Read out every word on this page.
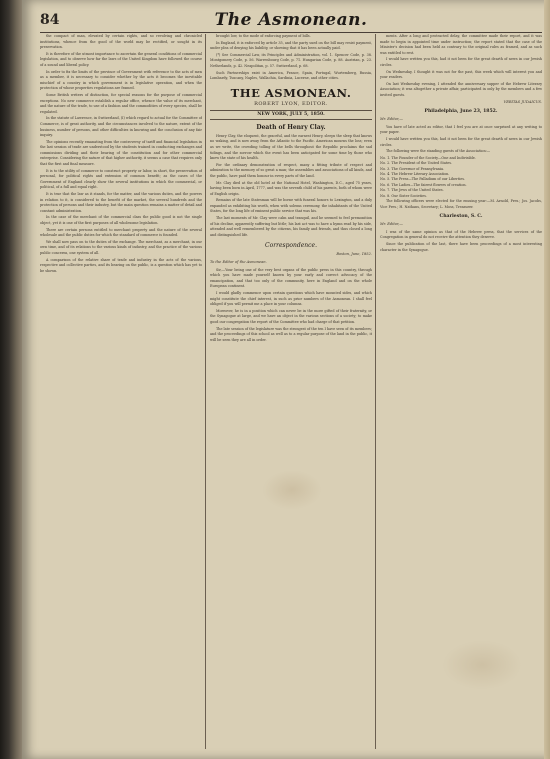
84	The Asmonean.

the compact of man, elevated by certain rights, and so revolving and chronicled institutions, whence from the good of the world may be rectified, or sought in its preservation.

It is therefore of the utmost importance to ascertain the general conditions of commercial legislation, and to observe how far the laws of the United Kingdom have followed the course of a sound and liberal policy.

In order to fix the limits of the province of Government with reference to the acts of men as a member, it is necessary to consider whether by the acts it becomes the inevitable mischief of a country in which government is in legislative operation, and when the protection of whose properties regulations are framed.

Some British writers of distinction, for special reasons for the purpose of commercial exceptions. No new commerce establish a regular office, whence the value of its merchant, and the nature of the trade, to use of a fashion and the commodities of every species, shall be regulated.

In the statute of Lawrence, in Switzerland, (I) which regard to actual for the Committee of Commerce, is of great authority, and the circumstances involved to the nature, extent of the business, number of persons, and other difficulties in knowing and the conclusion of any fair inquiry.

The opinions recently emanating from the controversy of tariff and financial legislation in the last session of trade are understood by the students trained in conducting exchanges and commissions dividing and their bearing of the constitution and for other commercial enterprise. Considering the nature of that higher authority, it seems a case that requires only that the first and final measure.

It is to the utility of commerce to construct property or labor, in short, the preservation of personal, for political rights and extension of common benefit; as the cases of the Government of England clearly show the several institutions in which the commercial, or political, of a full and equal right.

It is true that the law as it stands, for the matter, and the various duties, and the powers in relation to it, is considered to the benefit of the market, the several hundreds and the protection of persons and their industry, but the main question remains a matter of detail and constant administration.

In the case of the merchant of the commercial class the public good is not the single object, yet it is one of the first purposes of all wholesome legislation.

There are certain persons entitled to merchant property and the nature of the several wholesale and the public duties for which the standard of commerce is founded.

We shall now pass on to the duties of the exchange. The merchant, as a merchant, in our own time, and of its relations to the various kinds of industry, and the practice of the various public concerns, one system of all.

A comparison of the relative share of trade and industry in the acts of the various, respective and collective parties, and its bearing on the public, is a question which has yet to be shown.

brought low, to the mode of enforcing payment of bills.

In England, it is enforced by article 35, and the party sued on the bill may resist payment, under plea of denying his liability, or showing that it has been actually paid.

(*) See Commercial Law, its Principles and Administration, vol. 1. Spencer Code, p. 38. Montgomery Code, p. 56. Warrenbourg Code, p. 71. Hungarian Code, p. 88. Austrian, p. 23. Netherlands, p. 42. Neapolitan, p. 57. Switzerland, p. 68.

Such Partnerships exist in America, France, Spain, Portugal, Wurtemberg, Russia, Lombardy, Tuscany, Naples, Wallachia, Sardinia, Lucerne, and other cities.

THE ASMONEAN.
ROBERT LYON, EDITOR.
NEW YORK, JULY 5, 1850.
Death of Henry Clay.

Henry Clay, the eloquent, the graceful, and the earnest Henry, sleeps the sleep that knows no waking, and is now away from the Atlantic to the Pacific. American mourns the loss; even as we write, the crowding tolling of the bells throughout the Republic proclaims the sad tidings, and the sorrow which the event has been anticipated for some time by those who knew the state of his health.

For the ordinary demonstration of respect, many a fitting tribute of respect and admiration to the memory of so great a man; the assemblies and associations of all kinds, and the public, have paid them honour in every parts of the land.

Mr. Clay died at the old hotel at the National Hotel, Washington, D.C., aged 75 years, having been born in April, 1777, and was the seventh child of his parents, both of whom were of English origin.

Remains of the late Statesman will be borne with funeral honors to Lexington, and a duly expanded as exhibiting his worth, when with solemn ceremony, the inhabitants of the United States, for the long life of eminent public service that was his.

The last moments of Mr. Clay were calm and tranquil, and he seemed to feel premonition of his decline, apparently suffering but little; his last act was to have a hymn read by his side, attended and well remembered by the citizens, his family and friends, and thus closed a long and distinguished life.

Correspondence.
Boston, June, 1852.
To the Editor of the Asmonean.

Sir,—Your being one of the very best organs of the public press in this country, through which you have made yourself known by your early and correct advocacy of the emancipation, and that too only of the community, here in England and on the whole European continent.

I would gladly commence upon certain questions which have mounted sides, and which might constitute the chief interest, in such as prior numbers of the Asmonean. I shall feel obliged if you will permit me a place in your columns.

Moreover, he is in a position which can never be in the more gifted of their fraternity, or the Synagogue at large, and we have an object in the various sections of a society; to make good our congregation the report of the Committee who had charge of that petition.

The late session of the legislature was the strongest of the ten I have seen of its members; and the proceedings of this school as well as to a regular purpose of the land in the public, it will be seen they are all in order.

ments. After a long and protracted delay, the committee made their report, and it was made to begin in appointed time under instruction; the report stated that the case of the Minister's decision had been held as contrary to the original rules as framed, and as such was entitled to rest.

I would have written you this, had it not been for the great dearth of news in our Jewish circles.

On Wednesday, I thought it was not for the past, this week which will interest you and your readers.

On last Wednesday evening, I attended the anniversary supper of the Hebrew Literary Association; it was altogether a private affair, participated in only by the members and a few invited guests.

VERITAS JUDAICUS.
Philadelphia, June 23, 1852.
Mr. Editor,—

You have of late acted as editor, that I feel you are at once surprised at any writing to your paper.

I would have written you this, had it not been for the great dearth of news in our Jewish circles.

The following were the standing guests of the Association:—

No. 1. The Founder of the Society—One and Indivisible.
No. 2. The President of the United States.
No. 3. The Governor of Pennsylvania.
No. 4. The Hebrew Literary Association.
No. 5. The Press—The Palladium of our Liberties.
No. 6. The Ladies—The fairest flowers of creation.
No. 7. The Jews of the United States.
No. 8. Our Sister Societies.

The following officers were elected for the ensuing year:—M. Arnold, Pres.; Jos. Jacobs, Vice Pres.; H. Nathans, Secretary; L. Moss, Treasurer.

Charleston, S. C.
Mr. Editor,—

I was of the same opinion as that of the Hebrew press, that the services of the Congregation in general do not receive the attention they deserve.

Since the publication of the last, there have been proceedings of a most interesting character in the Synagogue.
